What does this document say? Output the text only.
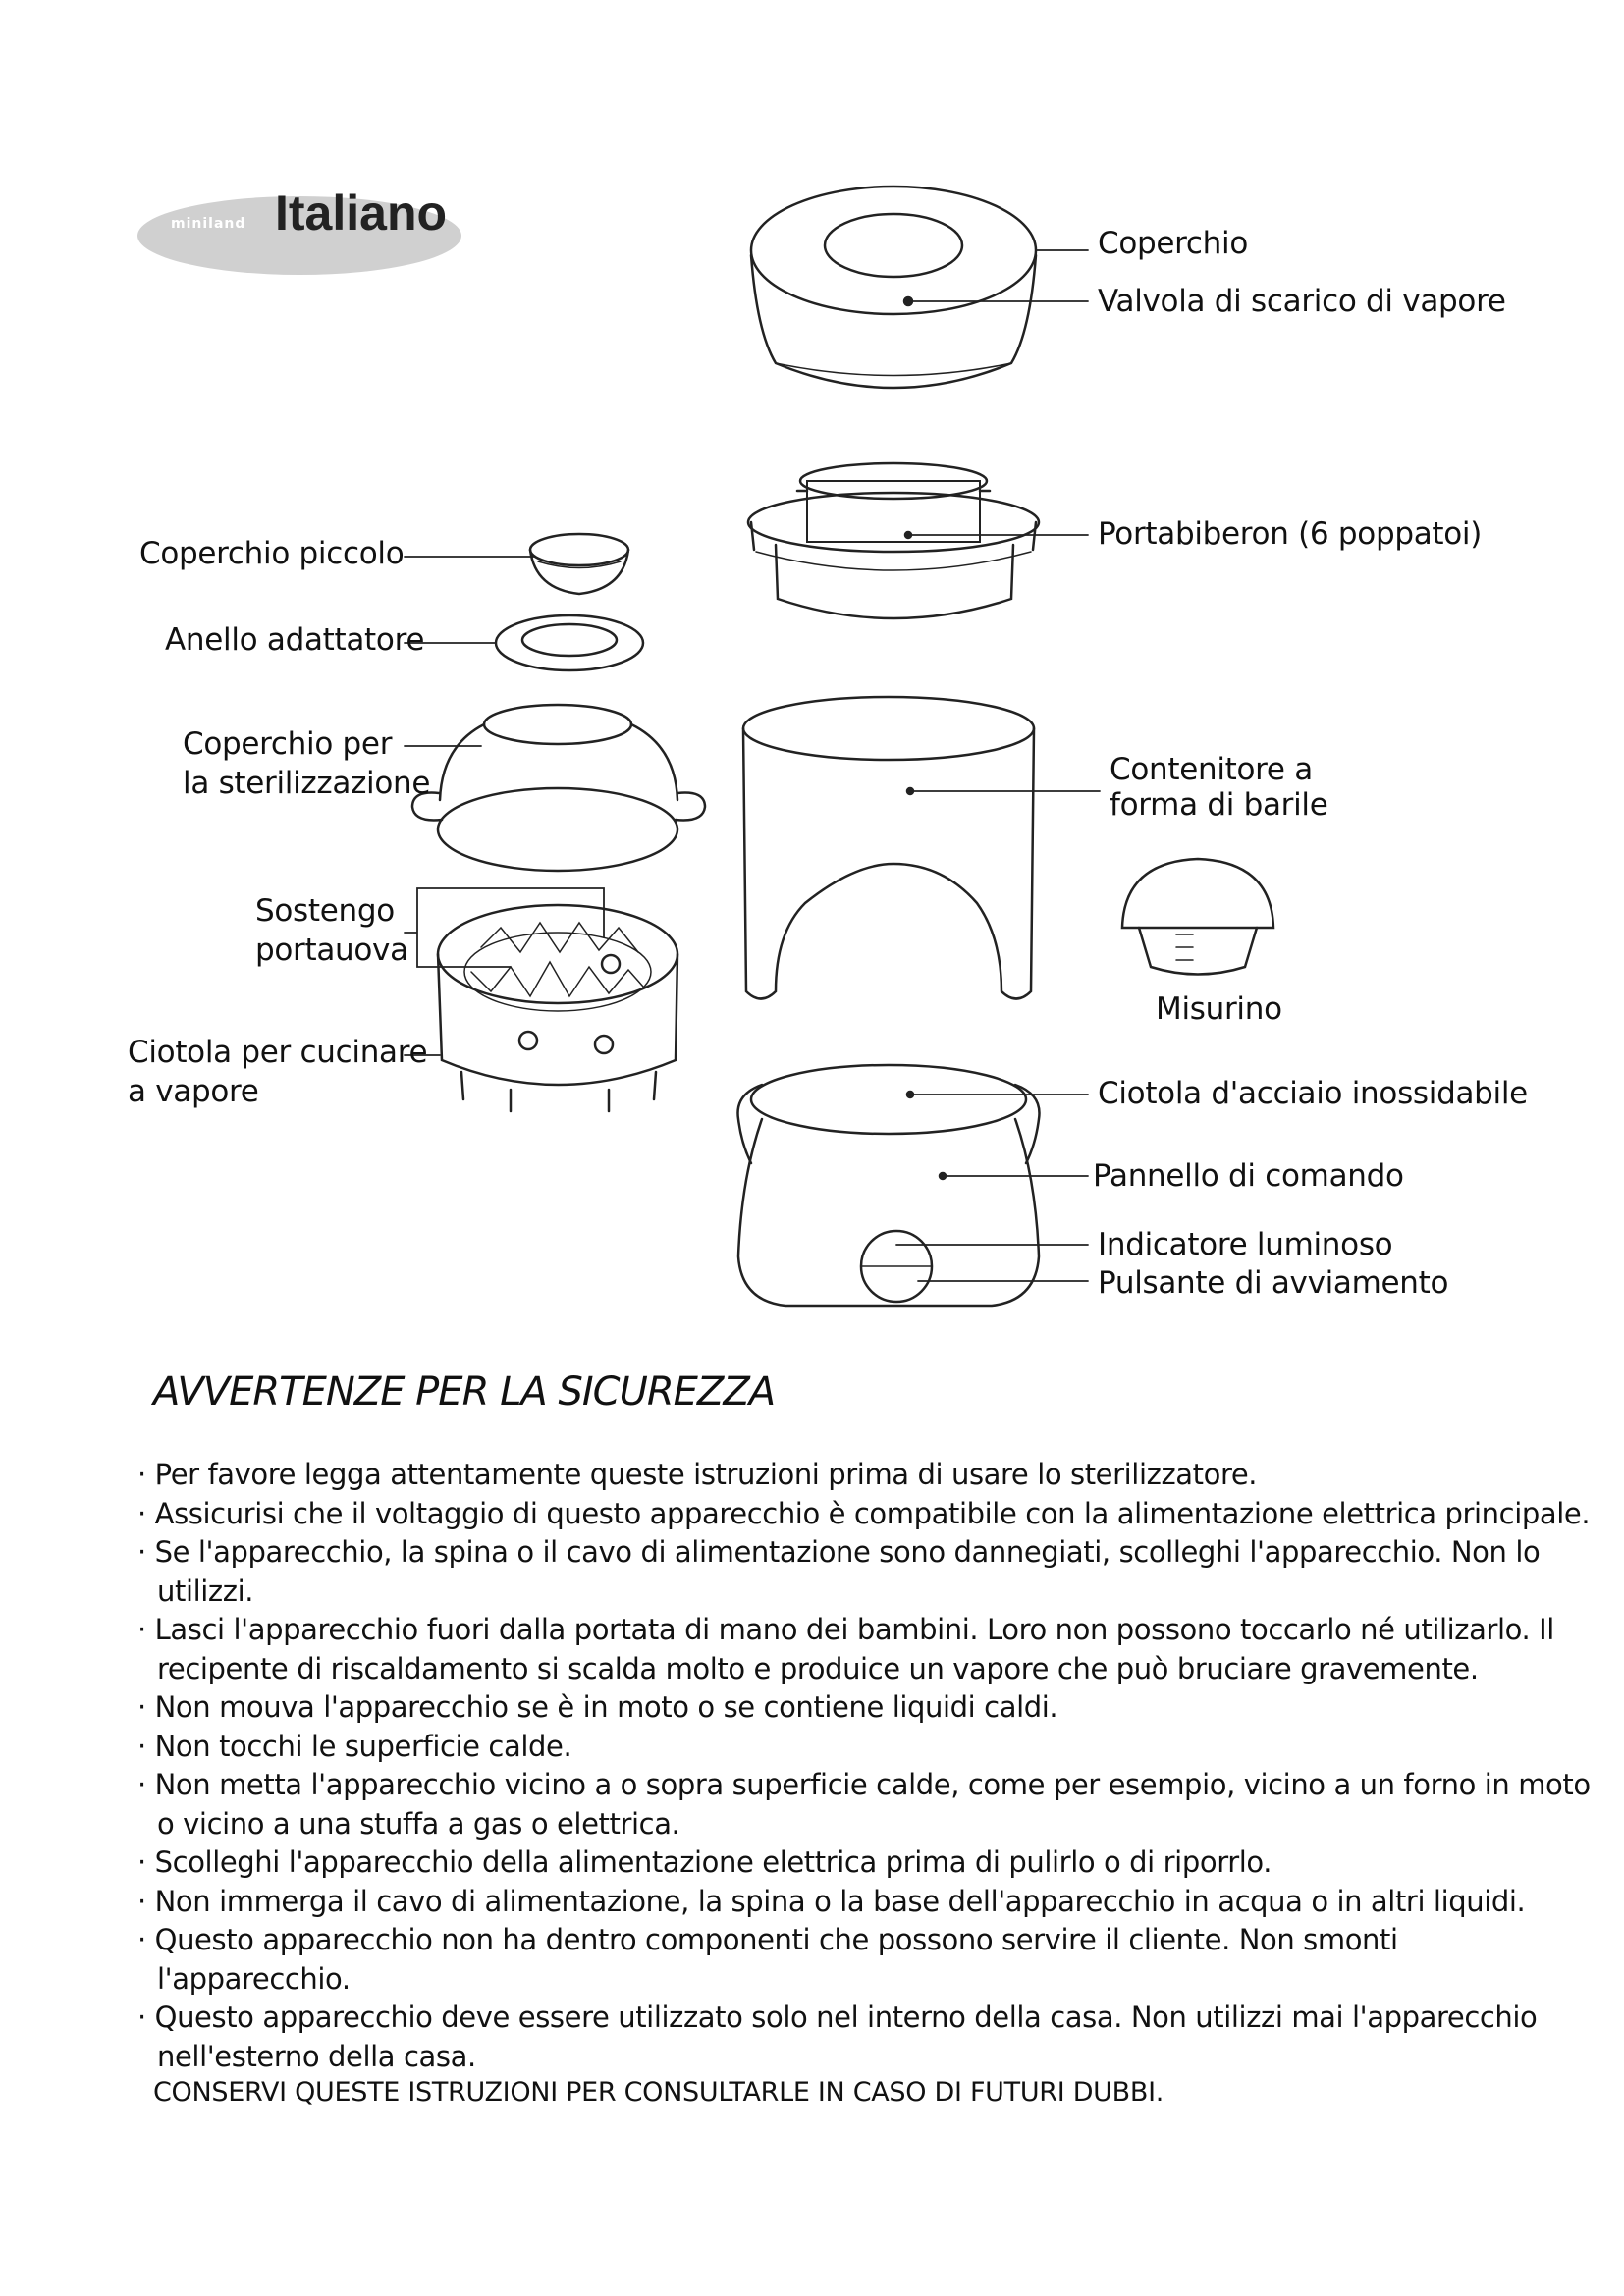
miniland Italiano
Coperchio
Valvola di scarico di vapore
Portabiberon (6 poppatoi)
Coperchio piccolo
Anello adattatore
Coperchio per
la sterilizzazione	Contenitore a
forma di barile
Sostengo
portauova
Misurino
Ciotola per cucinare
a vapore	Ciotola d'acciaio inossidabile
Pannello di comando
Indicatore luminoso
Pulsante di avviamento
AVVERTENZE PER LA SICUREZZA
· Per favore legga attentamente queste istruzioni prima di usare lo sterilizzatore.
· Assicurisi che il voltaggio di questo apparecchio è compatibile con la alimentazione elettrica principale.
· Se l'apparecchio, la spina o il cavo di alimentazione sono dannegiati, scolleghi l'apparecchio. Non lo utilizzi.
· Lasci l'apparecchio fuori dalla portata di mano dei bambini. Loro non possono toccarlo né utilizarlo. Il recipente di riscaldamento si scalda molto e produice un vapore che può bruciare gravemente.
· Non mouva l'apparecchio se è in moto o se contiene liquidi caldi.
· Non tocchi le superficie calde.
· Non metta l'apparecchio vicino a o sopra superficie calde, come per esempio, vicino a un forno in moto o vicino a una stuffa a gas o elettrica.
· Scolleghi l'apparecchio della alimentazione elettrica prima di pulirlo o di riporrlo.
· Non immerga il cavo di alimentazione, la spina o la base dell'apparecchio in acqua o in altri liquidi.
· Questo apparecchio non ha dentro componenti che possono servire il cliente. Non smonti l'apparecchio.
· Questo apparecchio deve essere utilizzato solo nel interno della casa. Non utilizzi mai l'apparecchio nell'esterno della casa.
CONSERVI QUESTE ISTRUZIONI PER CONSULTARLE IN CASO DI FUTURI DUBBI.
